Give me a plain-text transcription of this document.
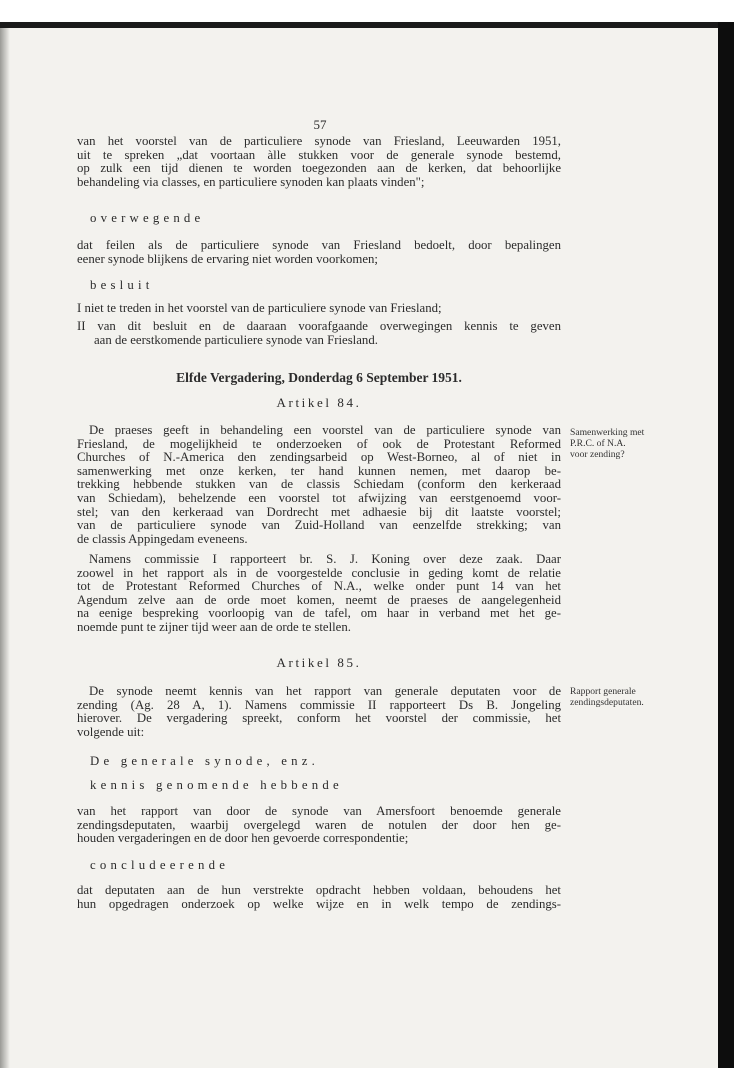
57
van het voorstel van de particuliere synode van Friesland, Leeuwarden 1951,
uit te spreken „dat voortaan àlle stukken voor de generale synode bestemd,
op zulk een tijd dienen te worden toegezonden aan de kerken, dat behoorlijke
behandeling via classes, en particuliere synoden kan plaats vinden";
overwegende
dat feilen als de particuliere synode van Friesland bedoelt, door bepalingen
eener synode blijkens de ervaring niet worden voorkomen;
besluit
I niet te treden in het voorstel van de particuliere synode van Friesland;
II van dit besluit en de daaraan voorafgaande overwegingen kennis te geven
aan de eerstkomende particuliere synode van Friesland.
Elfde Vergadering, Donderdag 6 September 1951.
Artikel 84.
Samenwerking met
P.R.C. of N.A.
voor zending?
De praeses geeft in behandeling een voorstel van de particuliere synode van
Friesland, de mogelijkheid te onderzoeken of ook de Protestant Reformed
Churches of N.-America den zendingsarbeid op West-Borneo, al of niet in
samenwerking met onze kerken, ter hand kunnen nemen, met daarop be-
trekking hebbende stukken van de classis Schiedam (conform den kerkeraad
van Schiedam), behelzende een voorstel tot afwijzing van eerstgenoemd voor-
stel; van den kerkeraad van Dordrecht met adhaesie bij dit laatste voorstel;
van de particuliere synode van Zuid-Holland van eenzelfde strekking; van
de classis Appingedam eveneens.
Namens commissie I rapporteert br. S. J. Koning over deze zaak. Daar
zoowel in het rapport als in de voorgestelde conclusie in geding komt de relatie
tot de Protestant Reformed Churches of N.A., welke onder punt 14 van het
Agendum zelve aan de orde moet komen, neemt de praeses de aangelegenheid
na eenige bespreking voorloopig van de tafel, om haar in verband met het ge-
noemde punt te zijner tijd weer aan de orde te stellen.
Artikel 85.
Rapport generale
zendingsdeputaten.
De synode neemt kennis van het rapport van generale deputaten voor de
zending (Ag. 28 A, 1). Namens commissie II rapporteert Ds B. Jongeling
hierover. De vergadering spreekt, conform het voorstel der commissie, het
volgende uit:
De generale synode, enz.
kennis genomende hebbende
van het rapport van door de synode van Amersfoort benoemde generale
zendingsdeputaten, waarbij overgelegd waren de notulen der door hen ge-
houden vergaderingen en de door hen gevoerde correspondentie;
concludeerende
dat deputaten aan de hun verstrekte opdracht hebben voldaan, behoudens het
hun opgedragen onderzoek op welke wijze en in welk tempo de zendings-
